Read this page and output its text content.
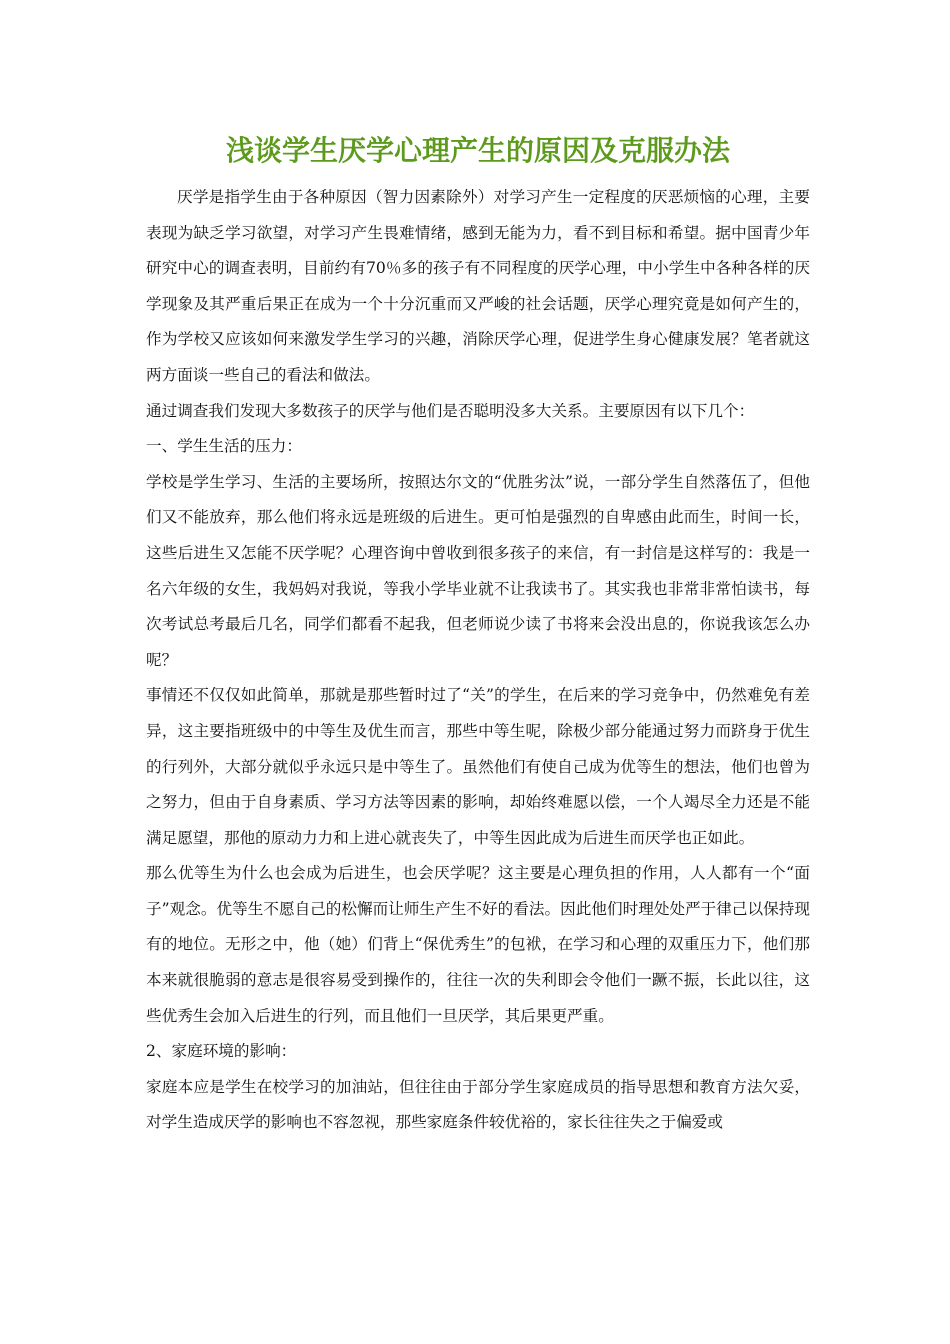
浅谈学生厌学心理产生的原因及克服办法

厌学是指学生由于各种原因（智力因素除外）对学习产生一定程度的厌恶烦恼的心理，主要表现为缺乏学习欲望，对学习产生畏难情绪，感到无能为力，看不到目标和希望。据中国青少年研究中心的调查表明，目前约有70％多的孩子有不同程度的厌学心理，中小学生中各种各样的厌学现象及其严重后果正在成为一个十分沉重而又严峻的社会话题，厌学心理究竟是如何产生的，作为学校又应该如何来激发学生学习的兴趣，消除厌学心理，促进学生身心健康发展？笔者就这两方面谈一些自己的看法和做法。

通过调查我们发现大多数孩子的厌学与他们是否聪明没多大关系。主要原因有以下几个：

一、学生生活的压力：

学校是学生学习、生活的主要场所，按照达尔文的“优胜劣汰”说，一部分学生自然落伍了，但他们又不能放弃，那么他们将永远是班级的后进生。更可怕是强烈的自卑感由此而生，时间一长，这些后进生又怎能不厌学呢？心理咨询中曾收到很多孩子的来信，有一封信是这样写的：我是一名六年级的女生，我妈妈对我说，等我小学毕业就不让我读书了。其实我也非常非常怕读书，每次考试总考最后几名，同学们都看不起我，但老师说少读了书将来会没出息的，你说我该怎么办呢？

事情还不仅仅如此简单，那就是那些暂时过了“关”的学生，在后来的学习竞争中，仍然难免有差异，这主要指班级中的中等生及优生而言，那些中等生呢，除极少部分能通过努力而跻身于优生的行列外，大部分就似乎永远只是中等生了。虽然他们有使自己成为优等生的想法，他们也曾为之努力，但由于自身素质、学习方法等因素的影响，却始终难愿以偿，一个人竭尽全力还是不能满足愿望，那他的原动力力和上进心就丧失了，中等生因此成为后进生而厌学也正如此。

那么优等生为什么也会成为后进生，也会厌学呢？这主要是心理负担的作用，人人都有一个“面子”观念。优等生不愿自己的松懈而让师生产生不好的看法。因此他们时理处处严于律己以保持现有的地位。无形之中，他（她）们背上“保优秀生”的包袱，在学习和心理的双重压力下，他们那本来就很脆弱的意志是很容易受到操作的，往往一次的失利即会令他们一蹶不振，长此以往，这些优秀生会加入后进生的行列，而且他们一旦厌学，其后果更严重。

2、家庭环境的影响：

家庭本应是学生在校学习的加油站，但往往由于部分学生家庭成员的指导思想和教育方法欠妥，对学生造成厌学的影响也不容忽视，那些家庭条件较优裕的，家长往往失之于偏爱或
